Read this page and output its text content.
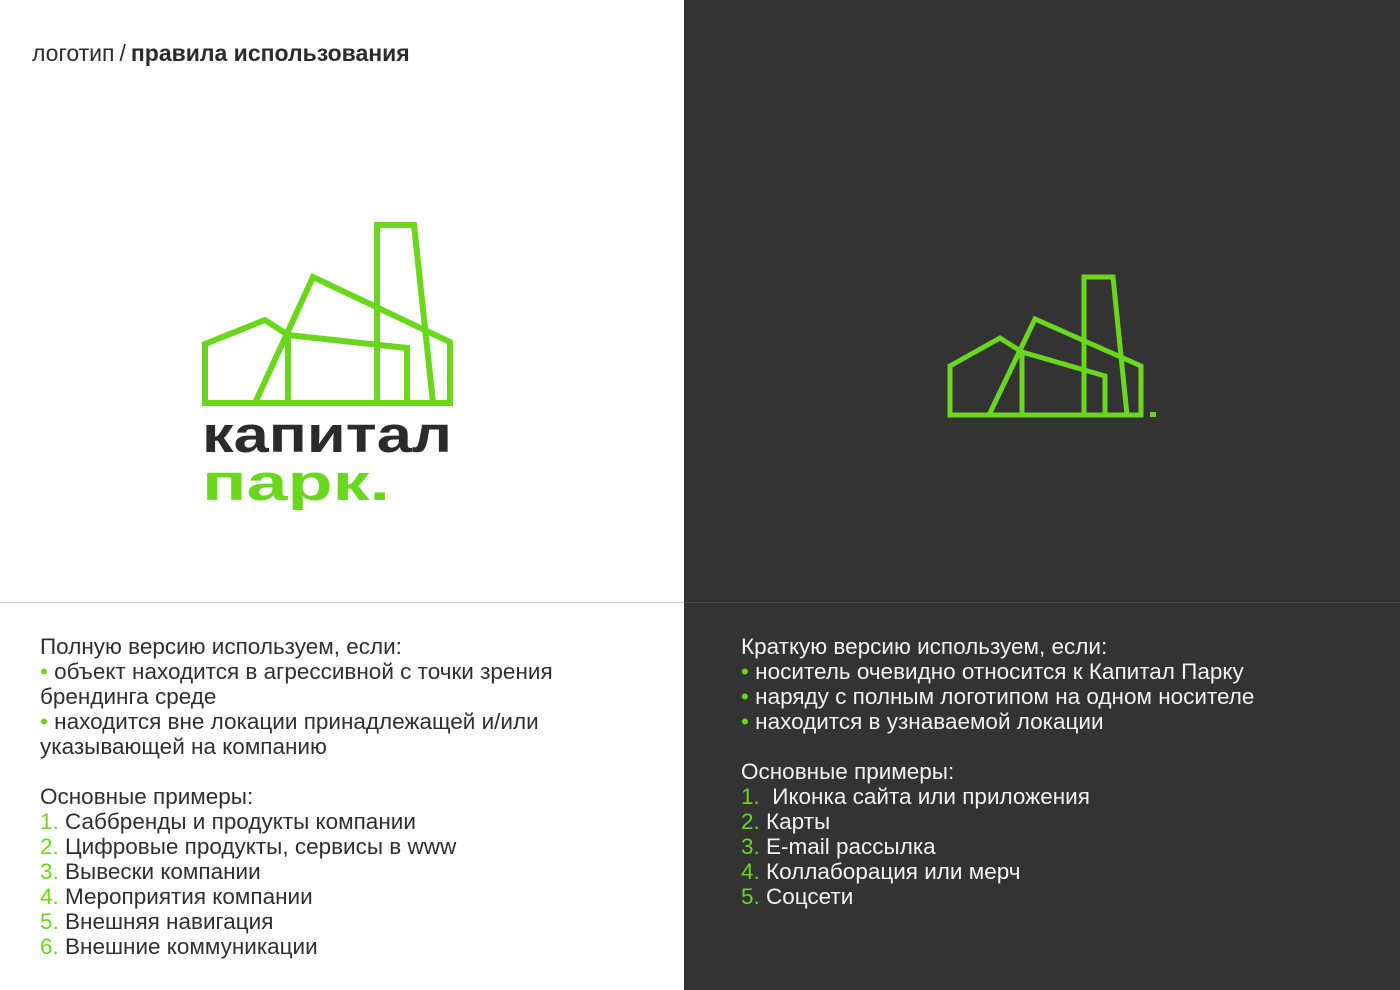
логотип / правила использования
капитал
парк.

Полную версию используем, если:

• объект находится в агрессивной с точки зрения

брендинга среде

• находится вне локации принадлежащей и/или

указывающей на компанию

Основные примеры:

1. Саббренды и продукты компании

2. Цифровые продукты, сервисы в www

3. Вывески компании

4. Мероприятия компании

5. Внешняя навигация

6. Внешние коммуникации

Краткую версию используем, если:

• носитель очевидно относится к Капитал Парку

• наряду с полным логотипом на одном носителе

• находится в узнаваемой локации

Основные примеры:

1.  Иконка сайта или приложения

2. Карты

3. E-mail рассылка

4. Коллаборация или мерч

5. Соцсети
